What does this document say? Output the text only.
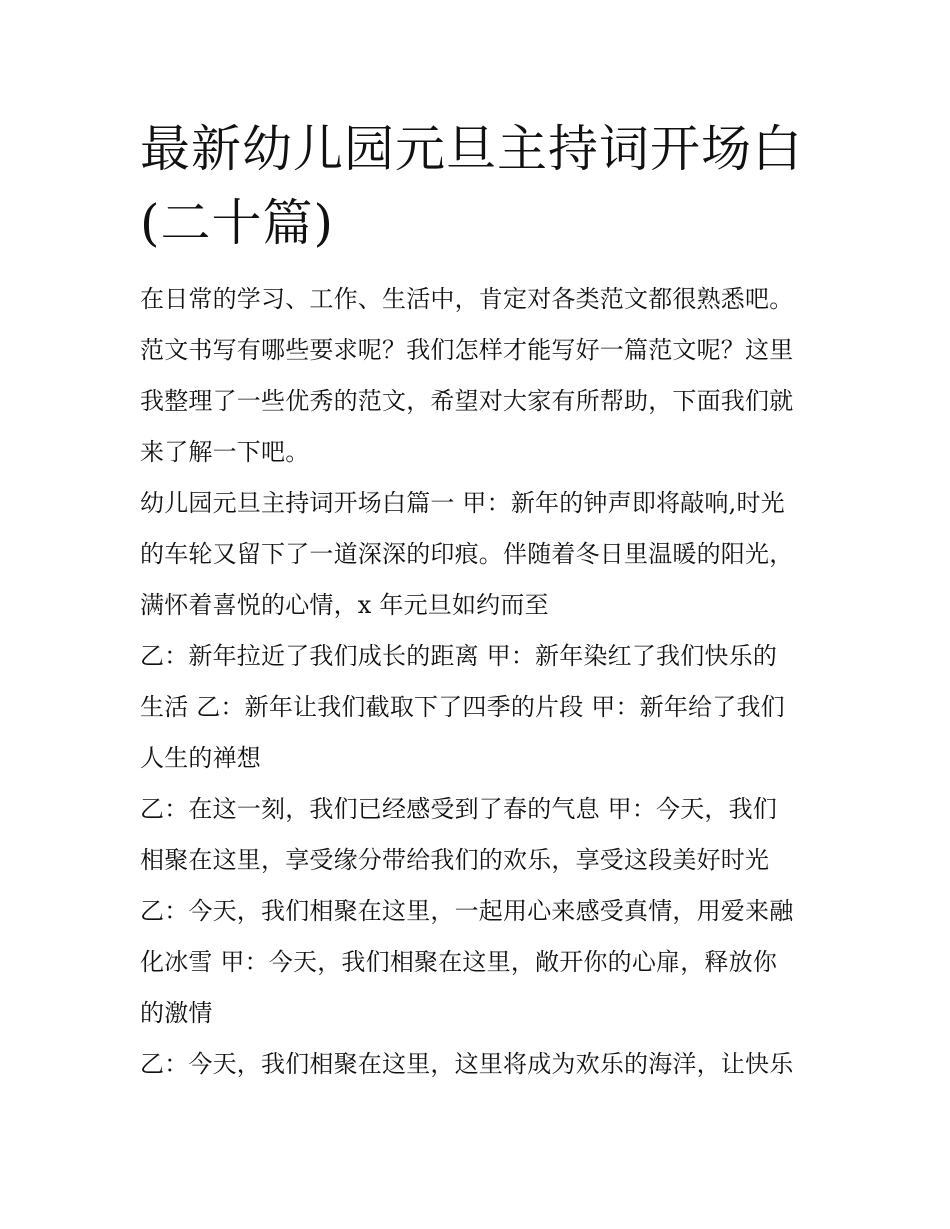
最新幼儿园元旦主持词开场白
(二十篇)
在日常的学习、工作、生活中，肯定对各类范文都很熟悉吧。
范文书写有哪些要求呢？我们怎样才能写好一篇范文呢？这里
我整理了一些优秀的范文，希望对大家有所帮助，下面我们就
来了解一下吧。
幼儿园元旦主持词开场白篇一 甲：新年的钟声即将敲响,时光
的车轮又留下了一道深深的印痕。伴随着冬日里温暖的阳光，
满怀着喜悦的心情，x 年元旦如约而至
乙：新年拉近了我们成长的距离 甲：新年染红了我们快乐的
生活 乙：新年让我们截取下了四季的片段 甲：新年给了我们
人生的禅想
乙：在这一刻，我们已经感受到了春的气息 甲：今天，我们
相聚在这里，享受缘分带给我们的欢乐，享受这段美好时光
乙：今天，我们相聚在这里，一起用心来感受真情，用爱来融
化冰雪 甲：今天，我们相聚在这里，敞开你的心扉，释放你
的激情
乙：今天，我们相聚在这里，这里将成为欢乐的海洋，让快乐
